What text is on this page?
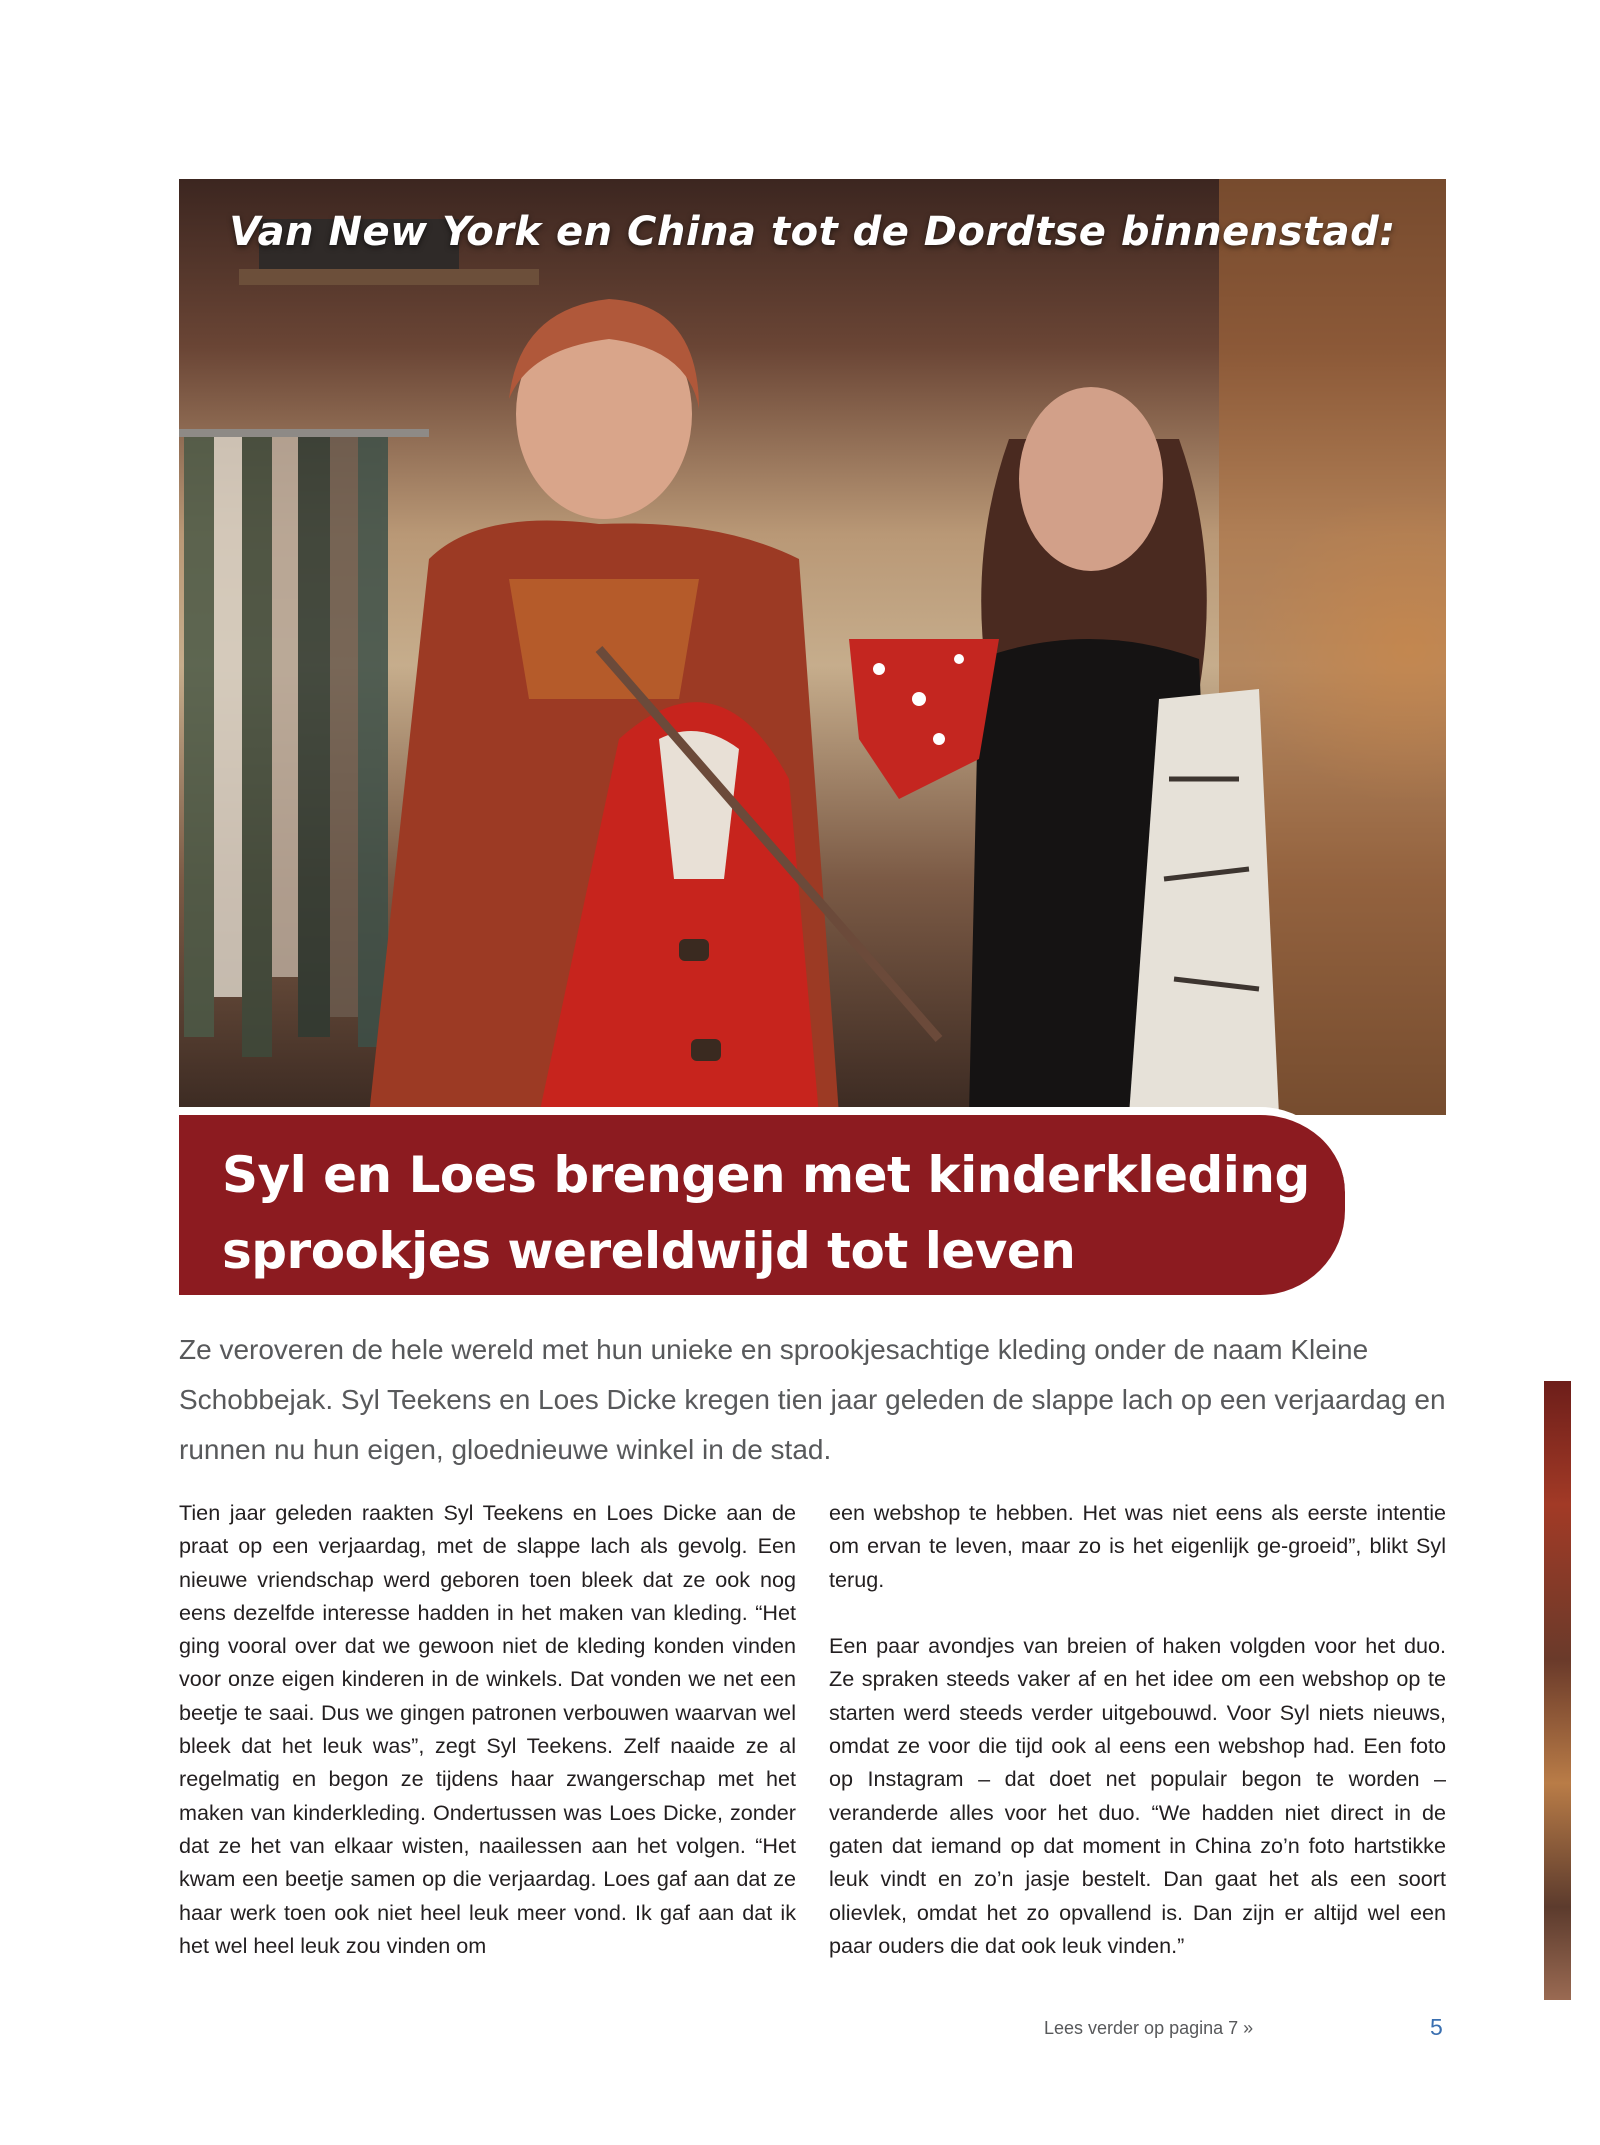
Van New York en China tot de Dordtse binnenstad:
Syl en Loes brengen met kinderkleding
sprookjes wereldwijd tot leven
Ze veroveren de hele wereld met hun unieke en sprookjesachtige kleding onder de naam Kleine Schobbejak. Syl Teekens en Loes Dicke kregen tien jaar geleden de slappe lach op een verjaardag en runnen nu hun eigen, gloednieuwe winkel in de stad.

Tien jaar geleden raakten Syl Teekens en Loes Dicke aan de praat op een verjaardag, met de slappe lach als gevolg. Een nieuwe vriendschap werd geboren toen bleek dat ze ook nog eens dezelfde interesse hadden in het maken van kleding. “Het ging vooral over dat we gewoon niet de kleding konden vinden voor onze eigen kinderen in de winkels. Dat vonden we net een beetje te saai. Dus we gingen patronen verbouwen waarvan wel bleek dat het leuk was”, zegt Syl Teekens. Zelf naaide ze al regelmatig en begon ze tijdens haar zwangerschap met het maken van kinderkleding. Ondertussen was Loes Dicke, zonder dat ze het van elkaar wisten, naailessen aan het volgen. “Het kwam een beetje samen op die verjaardag. Loes gaf aan dat ze haar werk toen ook niet heel leuk meer vond. Ik gaf aan dat ik het wel heel leuk zou vinden om

een webshop te hebben. Het was niet eens als eerste intentie om ervan te leven, maar zo is het eigenlijk ge-groeid”, blikt Syl terug.

Een paar avondjes van breien of haken volgden voor het duo. Ze spraken steeds vaker af en het idee om een webshop op te starten werd steeds verder uitgebouwd. Voor Syl niets nieuws, omdat ze voor die tijd ook al eens een webshop had. Een foto op Instagram – dat doet net populair begon te worden – veranderde alles voor het duo. “We hadden niet direct in de gaten dat iemand op dat moment in China zo’n foto hartstikke leuk vindt en zo’n jasje bestelt. Dan gaat het als een soort olievlek, omdat het zo opvallend is. Dan zijn er altijd wel een paar ouders die dat ook leuk vinden.”

Lees verder op pagina 7 »	5
